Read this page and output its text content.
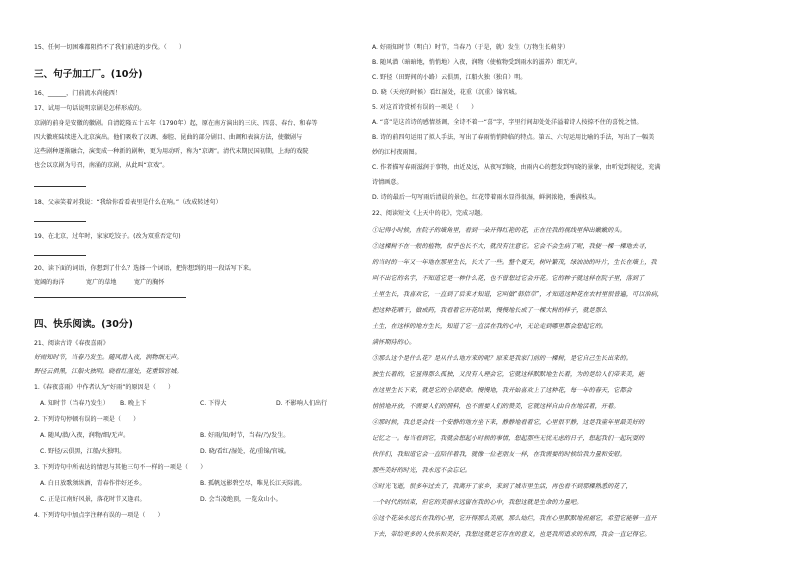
15、任何一切困难都阻挡不了我们前进的步伐。（　　）
三、句子加工厂。(10分)
16、______，门前流水尚能西！
17、试用一句话说明京剧是怎样形成的。
京剧的前身是安徽的徽剧。自清乾隆五十五年（1790年）起，原在南方演出的三庆、四喜、春台、和春等
四大徽班陆续进入北京演出。他们吸收了汉调、秦腔、昆曲的部分剧目、曲调和表演方法，使徽剧与
这些剧种逐渐融合，演变成一种新的剧种，更为用动听，称为“京调”。清代末期民国初期，上海的戏院
也会以京剧为号召，南涌的京剧，从此叫“京戏”。
18、父亲笑着对我说：“我给你看看表里是什么在响。”（改成转述句）
19、在北京，过年时，家家吃饺子。(改为双重否定句)
20、读下面的词语，你想到了什么？选择一个词语，把你想到的用一段话写下来。
宽阔的海洋	宽广的草地	宽广的胸怀
四、快乐阅读。(30分)
21、阅读古诗《春夜喜雨》
好雨知时节，当春乃发生。随风潜入夜，润物细无声。
野径云俱黑，江船火独明。晓看红湿处，花重锦官城。
1.《春夜喜雨》中作者认为“好雨”的原因是（　　）
A. 知时节（当春乃发生） B. 晚上下	C. 下得大	D. 不影响人们出行
2. 下列诗句停顿有误的一项是（　　）
A. 随风/潜/入夜，润物/细/无声。	B. 好雨/知/时节，当春/乃/发生。
C. 野径/云俱黑，江船/火独明。	D. 晓/看红/湿处，花/重锦/官城。
3. 下列诗句中所表达的情思与其他三句不一样的一项是（　　）
A. 白日放歌须纵酒，青春作伴好还乡。	B. 孤帆远影碧空尽，唯见长江天际流。
C. 正是江南好风景，落花时节又逢君。	D. 会当凌绝顶，一览众山小。
4. 下列诗句中加点字注释有误的一项是（　　）
A. 好雨知时节（明白）时节，当春乃（于是，就）发生（万物生长萌芽）
B. 随风潜（暗暗地，悄悄地）入夜，润物（使植物受到雨水的滋养）细无声。
C. 野径（田野间的小路）云俱黑，江船火独（独自）明。
D. 晓（天亮的时候）看红湿处，花重（沉重）锦官城。
5. 对这首诗赏析有误的一项是（　　）
A. “喜”是这首诗的感情基调，全诗不着一“喜”字，字里行间却处处洋溢着诗人按捺不住的喜悦之情。
B. 诗的前四句运用了拟人手法，写出了春雨悄悄降临的特点。第五、六句运用比喻的手法，写出了一幅美
妙的江村夜雨图。
C. 作者描写春雨滋润于事物，由近及远，从夜写到晓，由雨内心的想发到写晓的景象，由听觉到视觉，充满
诗情画意。
D. 诗的最后一句写雨后清晨的景色，红花带着雨水显得很湿，鲜润浓艳，垂满枝头。
22、阅读短文《上天中的花》，完成习题。
①记得小时候，在院子的墙角里，看到一朵开得红艳的花，正在往我的视线里伸出嫩嫩的头。
②这棵树不在一般的植物，似乎也长不大，就没有注意它。它会不会生病了呢，我便一棵一棵地去寻，
的当时的一年又一年地在那里生长，长大了一些。整个夏天，树叶繁茂，绿油油的叶片，生长在墙上，我
叫不出它的名字，不知道它是一种什么花，也不曾想过它会开花。它的种子就这样在院子里，落到了
土里生长，我喜欢它，一直到了后来才知道，它叫做“韩信草”，才知道这种花在农村里很普遍，可以治病，
把这种花晒干，做成药，我看着它开花结果，慢慢地长成了一棵大树的样子，就是那么
土生，在这样的地方生长，知道了它一直活在我的心中，无论走到哪里都会想起它的。
满怀期待的心。
③那么这个是什么花？是从什么地方来的呢？原来是我家门前的一棵树，是它自己生长出来的。
独生长着的，它显得那么孤独，又没有人理会它，它就这样默默地生长着，为的是给人们带来美，能
在这里生长下来，就是它的全部使命。慢慢地，我开始喜欢上了这种花，每一年的春天，它都会
悄悄地开放，不需要人们的照料，也不需要人们的赞美，它就这样自由自在地活着，开着。
④那时候，我总是会找一个安静的地方坐下来，静静地看着它，心里很平静，这是我童年里最美好的
记忆之一。每当看到它，我就会想起小时候的事情，想起那些无忧无虑的日子，想起我们一起玩耍的
伙伴们，我知道它会一直陪伴着我，就像一位老朋友一样，在我需要的时候给我力量和安慰。
那些美好的时光，我永远不会忘记。
⑤时光飞逝，很多年过去了，我离开了家乡，来到了城市里生活，再也看不到那棵熟悉的花了，
一个时代的结束，但它的美丽永远留在我的心中，我想这就是生命的力量吧。
⑥这个花朵永远长在我的心里，它开得那么美丽，那么灿烂，我在心里默默地祝福它，希望它能够一直开
下去，带给更多的人快乐和美好，我想这就是它存在的意义，也是我所追求的东西，我会一直记得它。
